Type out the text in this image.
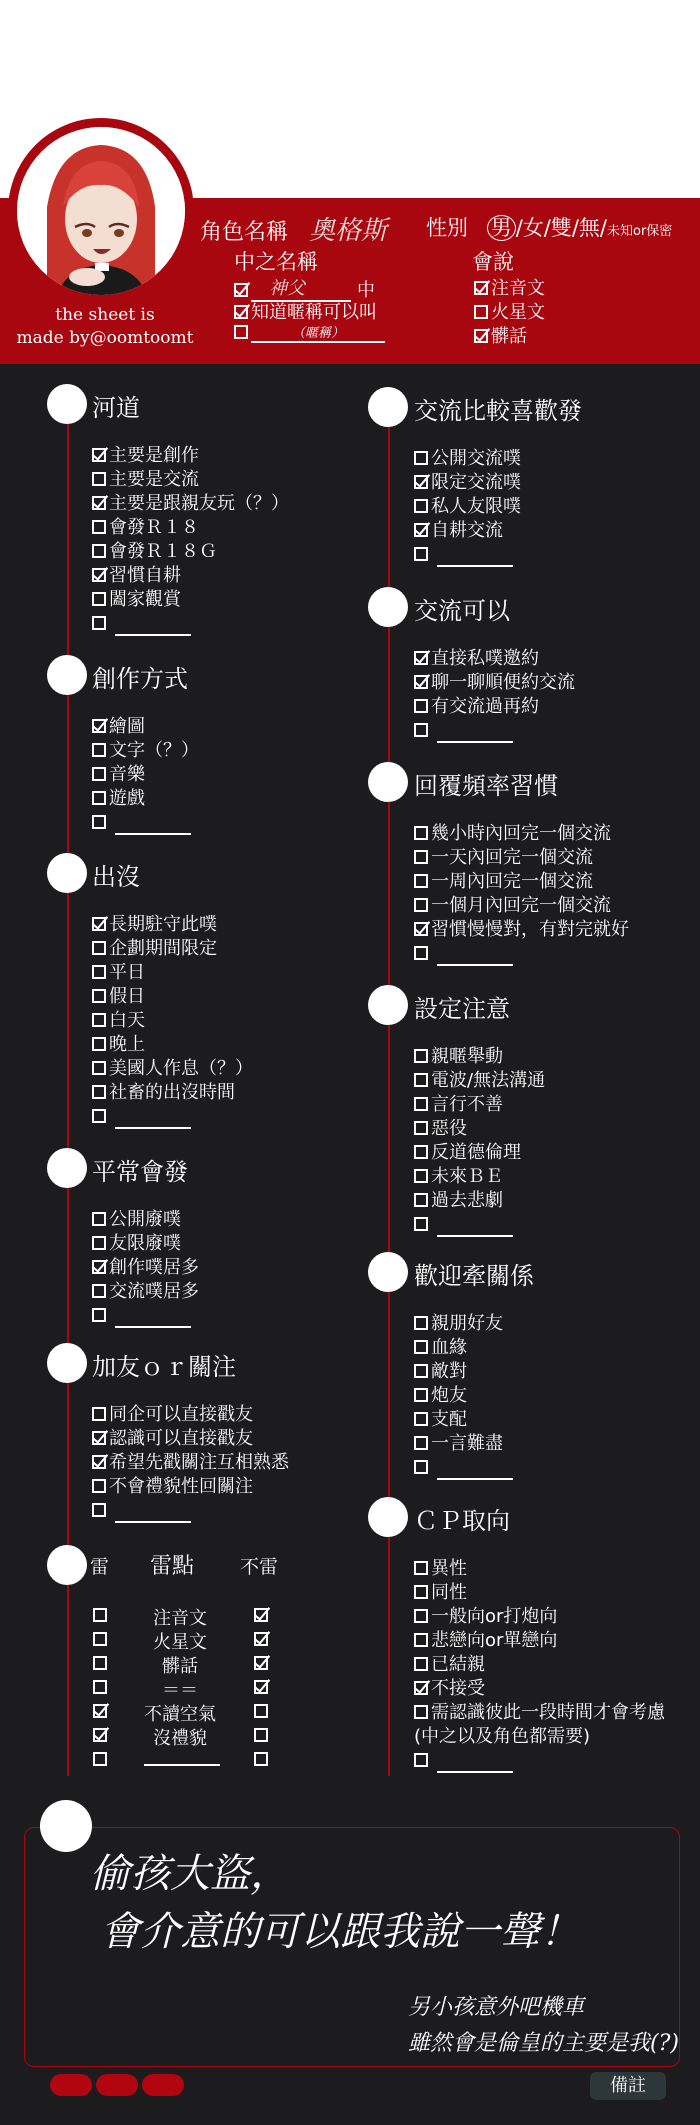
the sheet is
made by@oomtoomt
角色名稱 奧格斯 性別 男 /女/雙/無/未知or保密
中之名稱
神父	中
知道暱稱可以叫
（暱稱）
會說
注音文
火星文
髒話
河道
主要是創作
主要是交流
主要是跟親友玩（？）
會發Ｒ１８
會發Ｒ１８Ｇ
習慣自耕
闔家觀賞
創作方式
繪圖
文字（？）
音樂
遊戲
出沒
長期駐守此噗
企劃期間限定
平日
假日
白天
晚上
美國人作息（？）
社畜的出沒時間
平常會發
公開廢噗
友限廢噗
創作噗居多
交流噗居多
加友ｏｒ關注
同企可以直接戳友
認識可以直接戳友
希望先戳關注互相熟悉
不會禮貌性回關注
交流比較喜歡發
公開交流噗
限定交流噗
私人友限噗
自耕交流
交流可以
直接私噗邀約
聊一聊順便約交流
有交流過再約
回覆頻率習慣
幾小時內回完一個交流
一天內回完一個交流
一周內回完一個交流
一個月內回完一個交流
習慣慢慢對，有對完就好
設定注意
親暱舉動
電波/無法溝通
言行不善
惡役
反道德倫理
未來ＢＥ
過去悲劇
歡迎牽關係
親朋好友
血緣
敵對
炮友
支配
一言難盡
ＣＰ取向
異性
同性
一般向or打炮向
悲戀向or單戀向
已結親
不接受
需認識彼此一段時間才會考慮
(中之以及角色都需要)
雷 雷點 不雷
注音文
火星文
髒話
＝＝
不讀空氣
沒禮貌
偷孩大盜，
會介意的可以跟我說一聲！
另小孩意外吧機車
雖然會是倫皇的主要是我(?)
備註
